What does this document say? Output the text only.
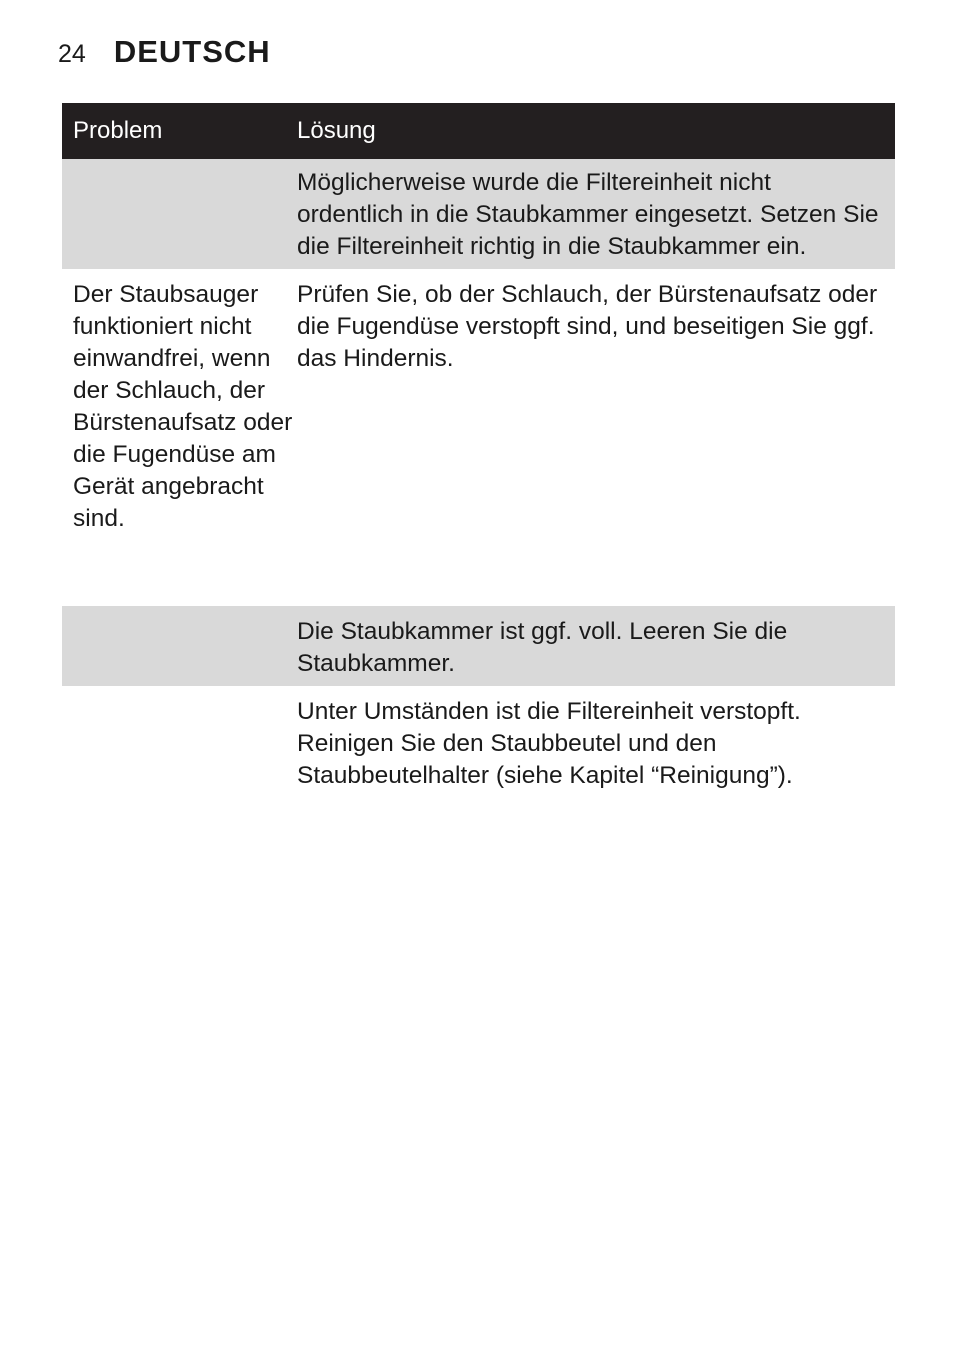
24 DEUTSCH
Problem	Lösung
Möglicherweise wurde die Filtereinheit nicht ordentlich in die Staubkammer eingesetzt. Setzen Sie die Filtereinheit richtig in die Staubkammer ein.
Der Staubsauger funktioniert nicht einwandfrei, wenn der Schlauch, der Bürstenaufsatz oder die Fugendüse am Gerät angebracht sind.
Prüfen Sie, ob der Schlauch, der Bürstenaufsatz oder die Fugendüse verstopft sind, und beseitigen Sie ggf. das Hindernis.
Die Staubkammer ist ggf. voll. Leeren Sie die Staubkammer.
Unter Umständen ist die Filtereinheit verstopft. Reinigen Sie den Staubbeutel und den Staubbeutelhalter (siehe Kapitel “Reinigung”).
